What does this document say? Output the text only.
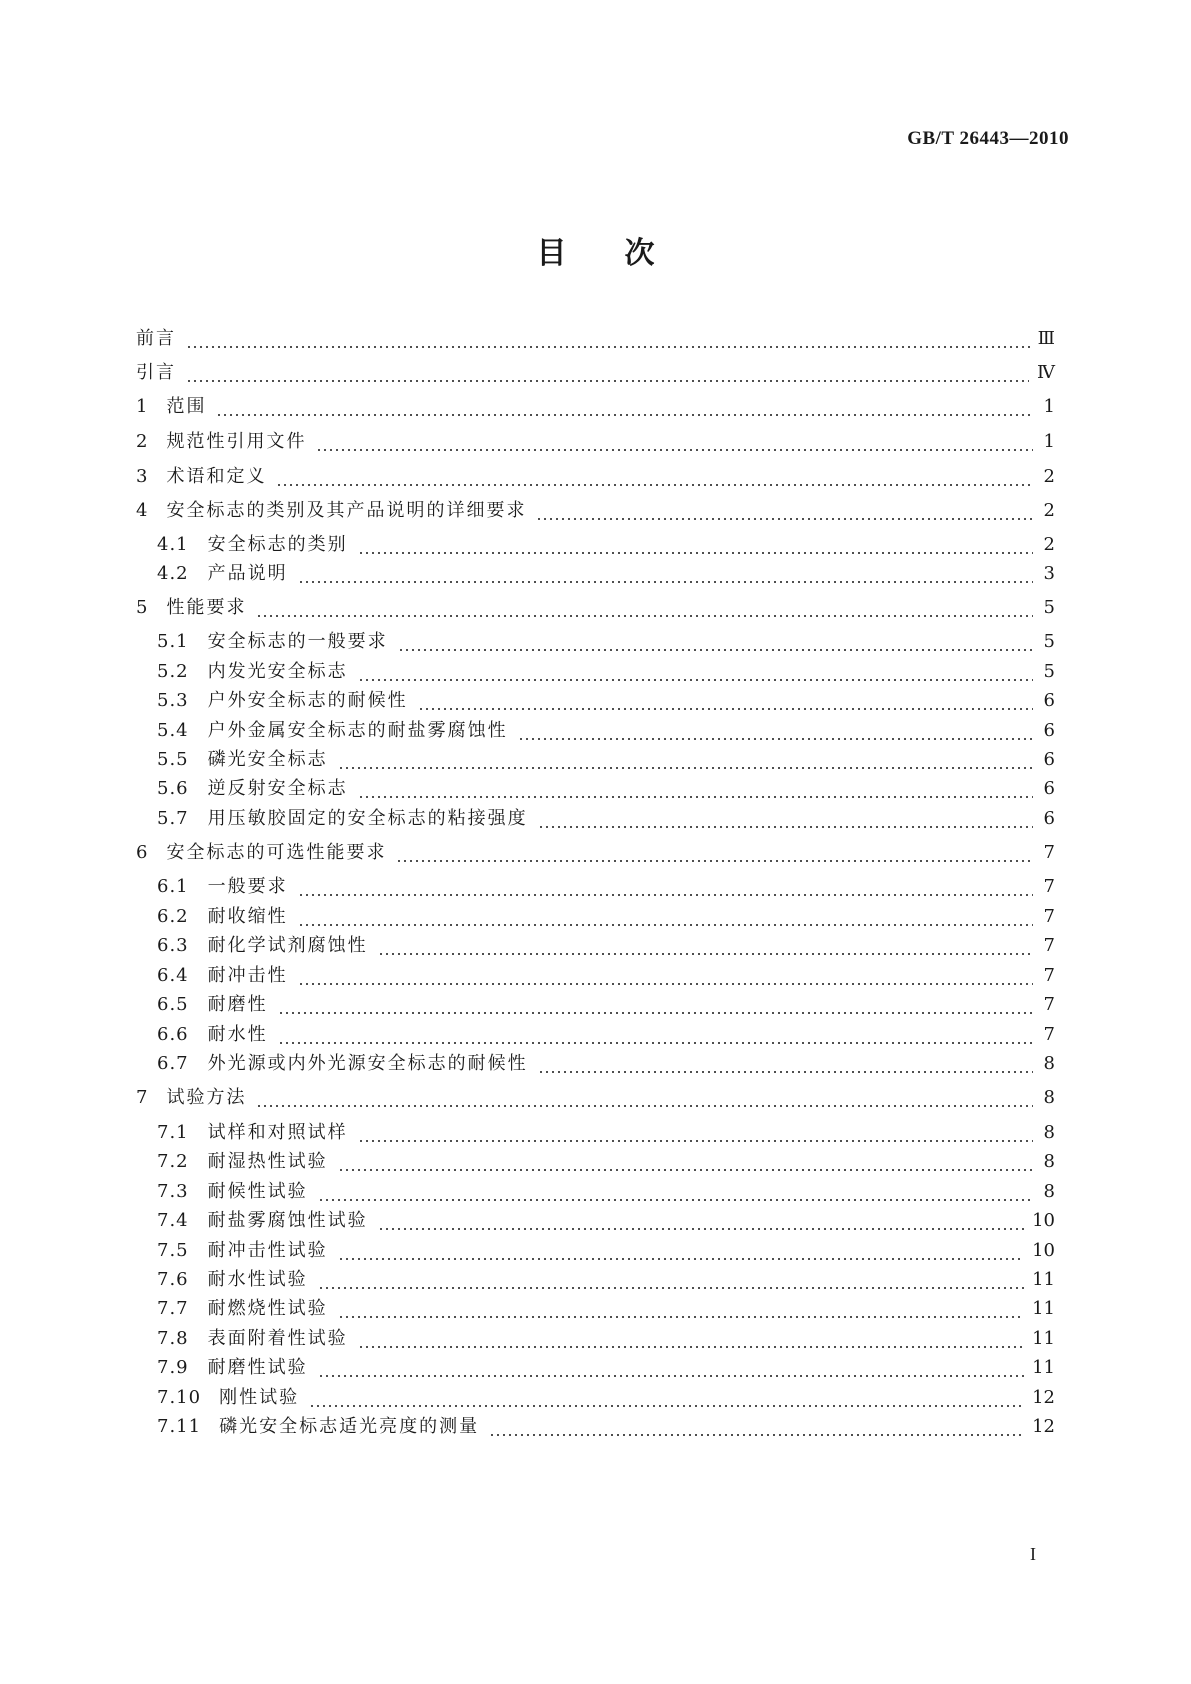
GB/T 26443—2010
目次
前言	Ⅲ
引言	Ⅳ
1 范围	1
2 规范性引用文件	1
3 术语和定义	2
4 安全标志的类别及其产品说明的详细要求	2
4.1 安全标志的类别	2
4.2 产品说明	3
5 性能要求	5
5.1 安全标志的一般要求	5
5.2 内发光安全标志	5
5.3 户外安全标志的耐候性	6
5.4 户外金属安全标志的耐盐雾腐蚀性	6
5.5 磷光安全标志	6
5.6 逆反射安全标志	6
5.7 用压敏胶固定的安全标志的粘接强度	6
6 安全标志的可选性能要求	7
6.1 一般要求	7
6.2 耐收缩性	7
6.3 耐化学试剂腐蚀性	7
6.4 耐冲击性	7
6.5 耐磨性	7
6.6 耐水性	7
6.7 外光源或内外光源安全标志的耐候性	8
7 试验方法	8
7.1 试样和对照试样	8
7.2 耐湿热性试验	8
7.3 耐候性试验	8
7.4 耐盐雾腐蚀性试验	10
7.5 耐冲击性试验	10
7.6 耐水性试验	11
7.7 耐燃烧性试验	11
7.8 表面附着性试验	11
7.9 耐磨性试验	11
7.10 刚性试验	12
7.11 磷光安全标志适光亮度的测量	12
I
